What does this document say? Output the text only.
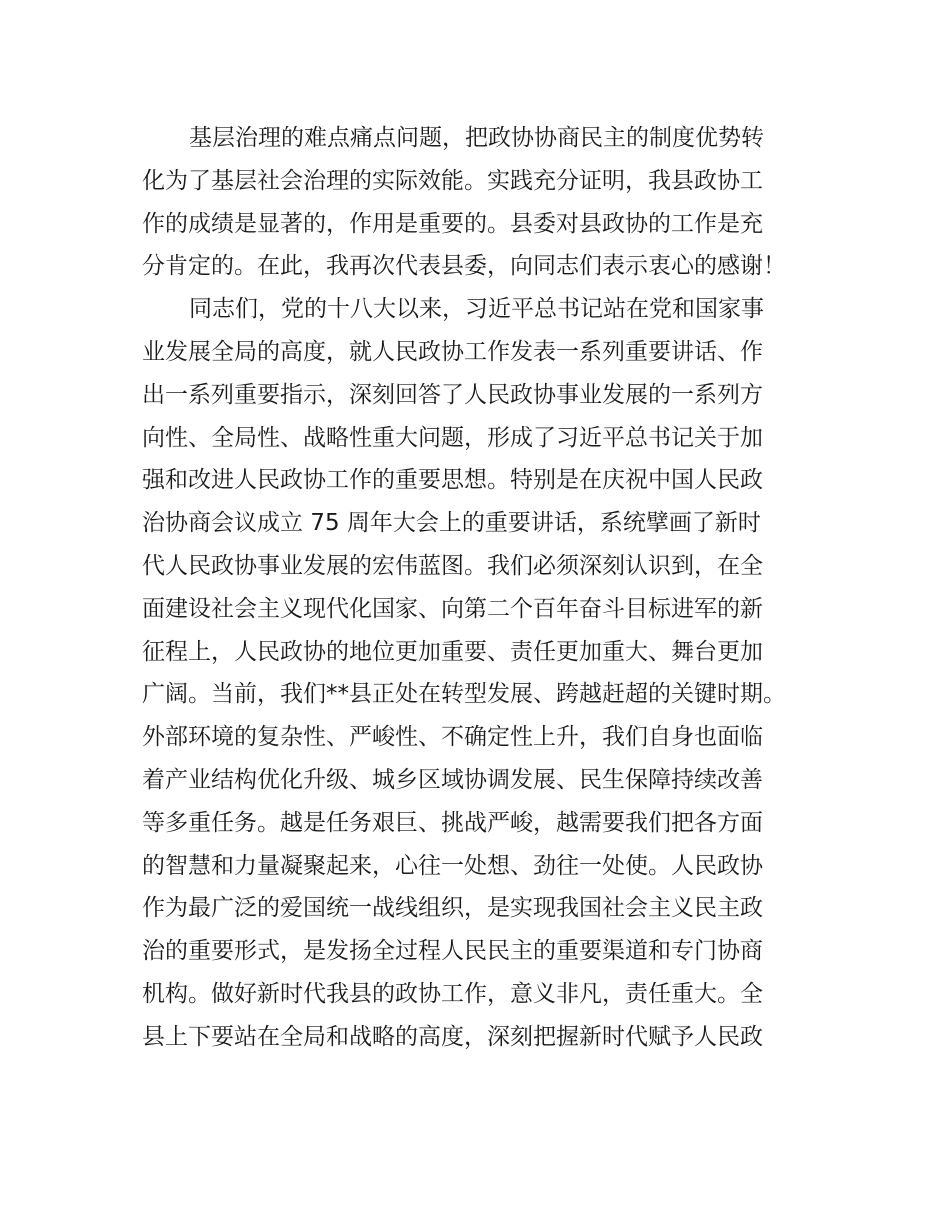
基层治理的难点痛点问题，把政协协商民主的制度优势转
化为了基层社会治理的实际效能。实践充分证明，我县政协工
作的成绩是显著的，作用是重要的。县委对县政协的工作是充
分肯定的。在此，我再次代表县委，向同志们表示衷心的感谢！
同志们，党的十八大以来，习近平总书记站在党和国家事
业发展全局的高度，就人民政协工作发表一系列重要讲话、作
出一系列重要指示，深刻回答了人民政协事业发展的一系列方
向性、全局性、战略性重大问题，形成了习近平总书记关于加
强和改进人民政协工作的重要思想。特别是在庆祝中国人民政
治协商会议成立 75 周年大会上的重要讲话，系统擘画了新时
代人民政协事业发展的宏伟蓝图。我们必须深刻认识到，在全
面建设社会主义现代化国家、向第二个百年奋斗目标进军的新
征程上，人民政协的地位更加重要、责任更加重大、舞台更加
广阔。当前，我们**县正处在转型发展、跨越赶超的关键时期。
外部环境的复杂性、严峻性、不确定性上升，我们自身也面临
着产业结构优化升级、城乡区域协调发展、民生保障持续改善
等多重任务。越是任务艰巨、挑战严峻，越需要我们把各方面
的智慧和力量凝聚起来，心往一处想、劲往一处使。人民政协
作为最广泛的爱国统一战线组织，是实现我国社会主义民主政
治的重要形式，是发扬全过程人民民主的重要渠道和专门协商
机构。做好新时代我县的政协工作，意义非凡，责任重大。全
县上下要站在全局和战略的高度，深刻把握新时代赋予人民政
